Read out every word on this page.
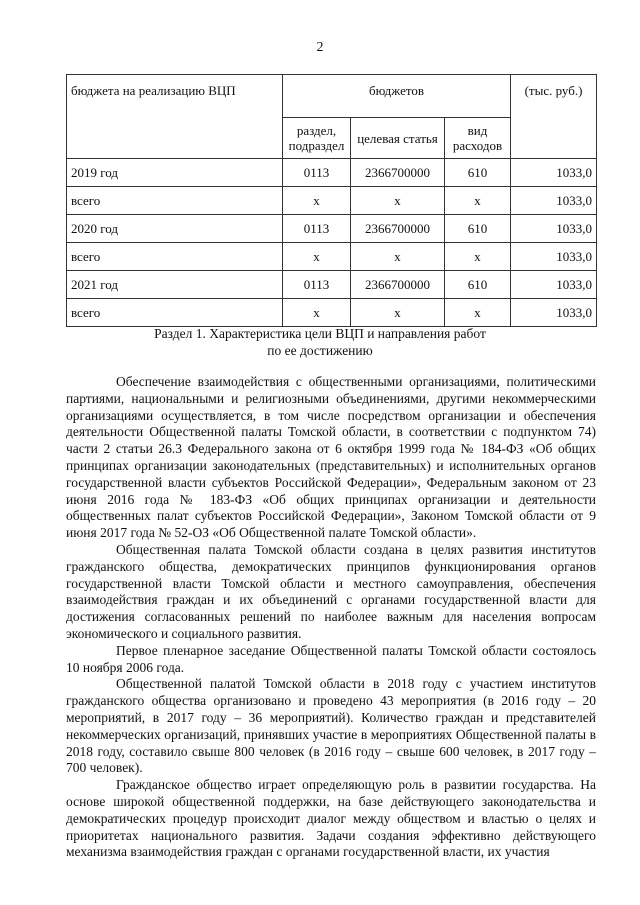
2
бюджета на реализацию ВЦП	бюджетов			(тыс. руб.)
	раздел, подраздел	целевая статья	вид расходов	
2019 год	0113	2366700000	610	1033,0
всего	х	х	х	1033,0
2020 год	0113	2366700000	610	1033,0
всего	х	х	х	1033,0
2021 год	0113	2366700000	610	1033,0
всего	х	х	х	1033,0
Раздел 1. Характеристика цели ВЦП и направления работ
по ее достижению

Обеспечение взаимодействия с общественными организациями, политическими партиями, национальными и религиозными объединениями, другими некоммерческими организациями осуществляется, в том числе посредством организации и обеспечения деятельности Общественной палаты Томской области, в соответствии с подпунктом 74) части 2 статьи 26.3 Федерального закона от 6 октября 1999 года № 184-ФЗ «Об общих принципах организации законодательных (представительных) и исполнительных органов государственной власти субъектов Российской Федерации», Федеральным законом от 23 июня 2016 года № 183-ФЗ «Об общих принципах организации и деятельности общественных палат субъектов Российской Федерации», Законом Томской области от 9 июня 2017 года № 52-ОЗ «Об Общественной палате Томской области».

Общественная палата Томской области создана в целях развития институтов гражданского общества, демократических принципов функционирования органов государственной власти Томской области и местного самоуправления, обеспечения взаимодействия граждан и их объединений с органами государственной власти для достижения согласованных решений по наиболее важным для населения вопросам экономического и социального развития.

Первое пленарное заседание Общественной палаты Томской области состоялось 10 ноября 2006 года.

Общественной палатой Томской области в 2018 году с участием институтов гражданского общества организовано и проведено 43 мероприятия (в 2016 году – 20 мероприятий, в 2017 году – 36 мероприятий). Количество граждан и представителей некоммерческих организаций, принявших участие в мероприятиях Общественной палаты в 2018 году, составило свыше 800 человек (в 2016 году – свыше 600 человек, в 2017 году – 700 человек).

Гражданское общество играет определяющую роль в развитии государства. На основе широкой общественной поддержки, на базе действующего законодательства и демократических процедур происходит диалог между обществом и властью о целях и приоритетах национального развития. Задачи создания эффективно действующего механизма взаимодействия граждан с органами государственной власти, их участия
